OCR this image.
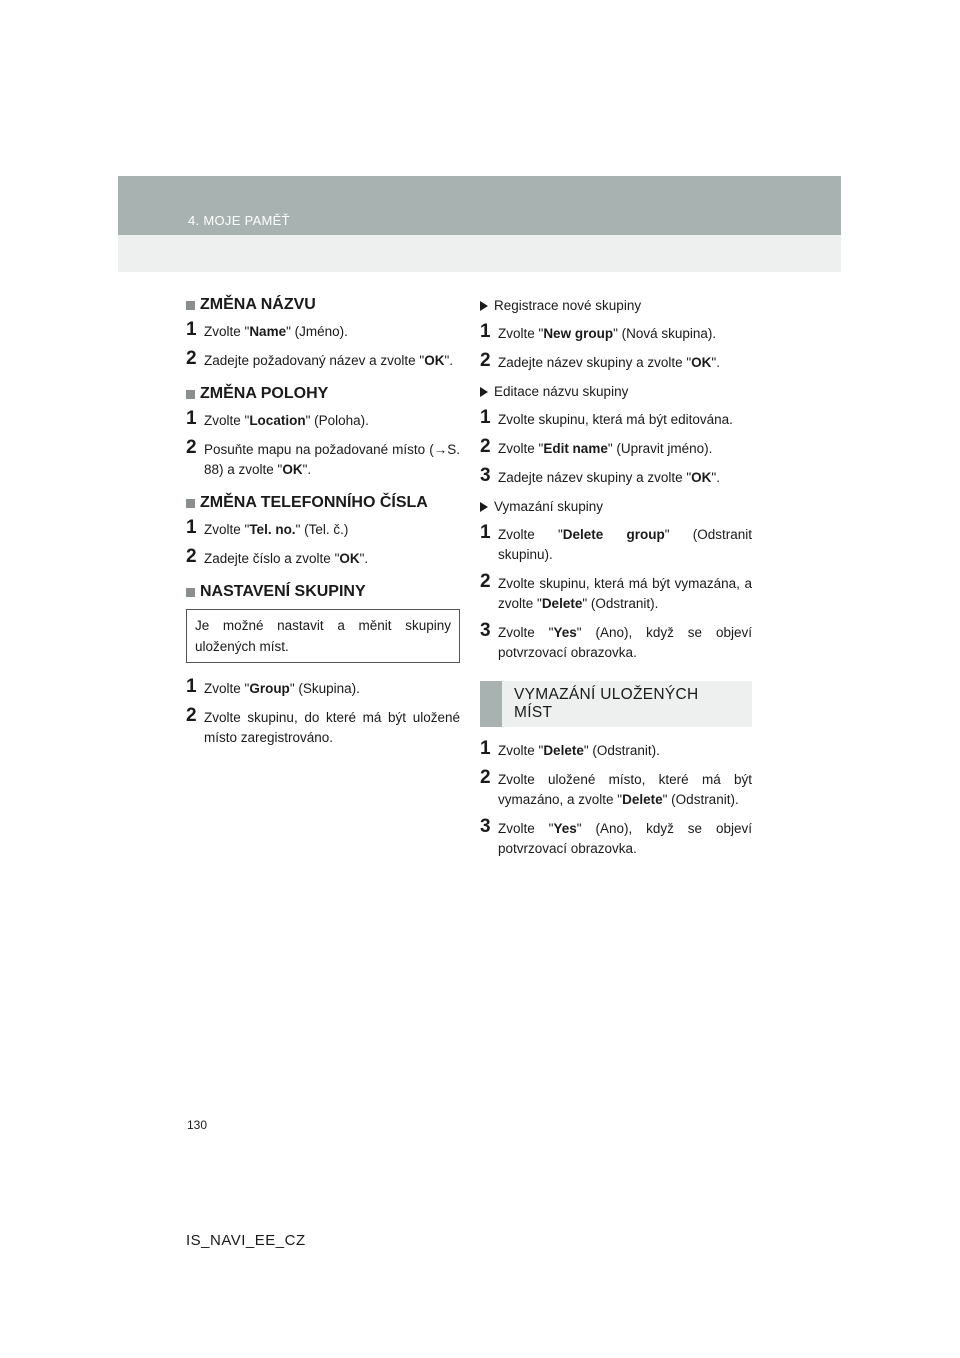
4. MOJE PAMĚŤ
ZMĚNA NÁZVU
1 Zvolte "Name" (Jméno).
2 Zadejte požadovaný název a zvolte "OK".
ZMĚNA POLOHY
1 Zvolte "Location" (Poloha).
2 Posuňte mapu na požadované místo (→S. 88) a zvolte "OK".
ZMĚNA TELEFONNÍHO ČÍSLA
1 Zvolte "Tel. no." (Tel. č.)
2 Zadejte číslo a zvolte "OK".
NASTAVENÍ SKUPINY
Je možné nastavit a měnit skupiny uložených míst.
1 Zvolte "Group" (Skupina).
2 Zvolte skupinu, do které má být uložené místo zaregistrováno.
Registrace nové skupiny
1 Zvolte "New group" (Nová skupina).
2 Zadejte název skupiny a zvolte "OK".
Editace názvu skupiny
1 Zvolte skupinu, která má být editována.
2 Zvolte "Edit name" (Upravit jméno).
3 Zadejte název skupiny a zvolte "OK".
Vymazání skupiny
1 Zvolte "Delete group" (Odstranit skupinu).
2 Zvolte skupinu, která má být vymazána, a zvolte "Delete" (Odstranit).
3 Zvolte "Yes" (Ano), když se objeví potvrzovací obrazovka.
VYMAZÁNÍ ULOŽENÝCH
MÍST
1 Zvolte "Delete" (Odstranit).
2 Zvolte uložené místo, které má být vymazáno, a zvolte "Delete" (Odstranit).
3 Zvolte "Yes" (Ano), když se objeví potvrzovací obrazovka.
130
IS_NAVI_EE_CZ
